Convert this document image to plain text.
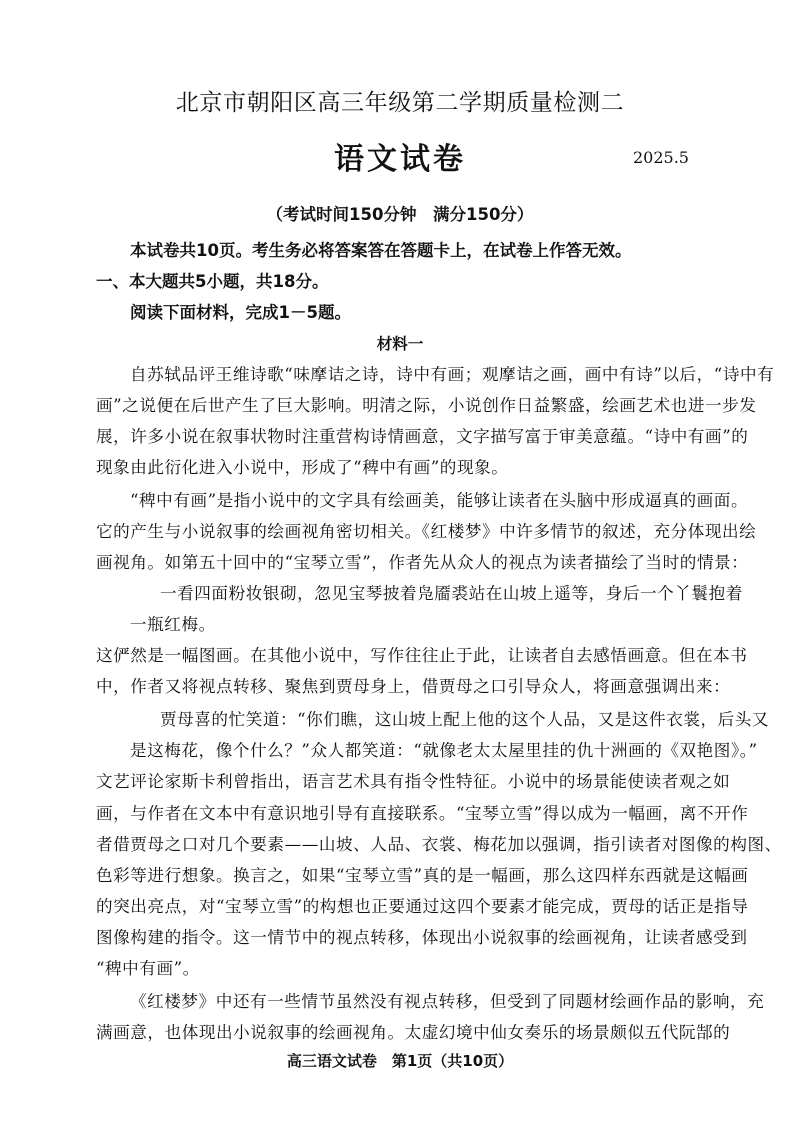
北京市朝阳区高三年级第二学期质量检测二

语文试卷	2025.5

（考试时间150分钟　满分150分）

本试卷共10页。考生务必将答案答在答题卡上，在试卷上作答无效。

一、本大题共5小题，共18分。

阅读下面材料，完成1－5题。

材料一

自苏轼品评王维诗歌“味摩诘之诗，诗中有画；观摩诘之画，画中有诗”以后，“诗中有

画”之说便在后世产生了巨大影响。明清之际，小说创作日益繁盛，绘画艺术也进一步发

展，许多小说在叙事状物时注重营构诗情画意，文字描写富于审美意蕴。“诗中有画”的

现象由此衍化进入小说中，形成了“稗中有画”的现象。

“稗中有画”是指小说中的文字具有绘画美，能够让读者在头脑中形成逼真的画面。

它的产生与小说叙事的绘画视角密切相关。《红楼梦》中许多情节的叙述，充分体现出绘

画视角。如第五十回中的“宝琴立雪”，作者先从众人的视点为读者描绘了当时的情景：

一看四面粉妆银砌，忽见宝琴披着凫靥裘站在山坡上遥等，身后一个丫鬟抱着

一瓶红梅。

这俨然是一幅图画。在其他小说中，写作往往止于此，让读者自去感悟画意。但在本书

中，作者又将视点转移、聚焦到贾母身上，借贾母之口引导众人，将画意强调出来：

贾母喜的忙笑道：“你们瞧，这山坡上配上他的这个人品，又是这件衣裳，后头又

是这梅花，像个什么？”众人都笑道：“就像老太太屋里挂的仇十洲画的《双艳图》。”

文艺评论家斯卡利曾指出，语言艺术具有指令性特征。小说中的场景能使读者观之如

画，与作者在文本中有意识地引导有直接联系。“宝琴立雪”得以成为一幅画，离不开作

者借贾母之口对几个要素——山坡、人品、衣裳、梅花加以强调，指引读者对图像的构图、

色彩等进行想象。换言之，如果“宝琴立雪”真的是一幅画，那么这四样东西就是这幅画

的突出亮点，对“宝琴立雪”的构想也正要通过这四个要素才能完成，贾母的话正是指导

图像构建的指令。这一情节中的视点转移，体现出小说叙事的绘画视角，让读者感受到

“稗中有画”。

《红楼梦》中还有一些情节虽然没有视点转移，但受到了同题材绘画作品的影响，充

满画意，也体现出小说叙事的绘画视角。太虚幻境中仙女奏乐的场景颇似五代阮郜的

高三语文试卷　第1页（共10页）
